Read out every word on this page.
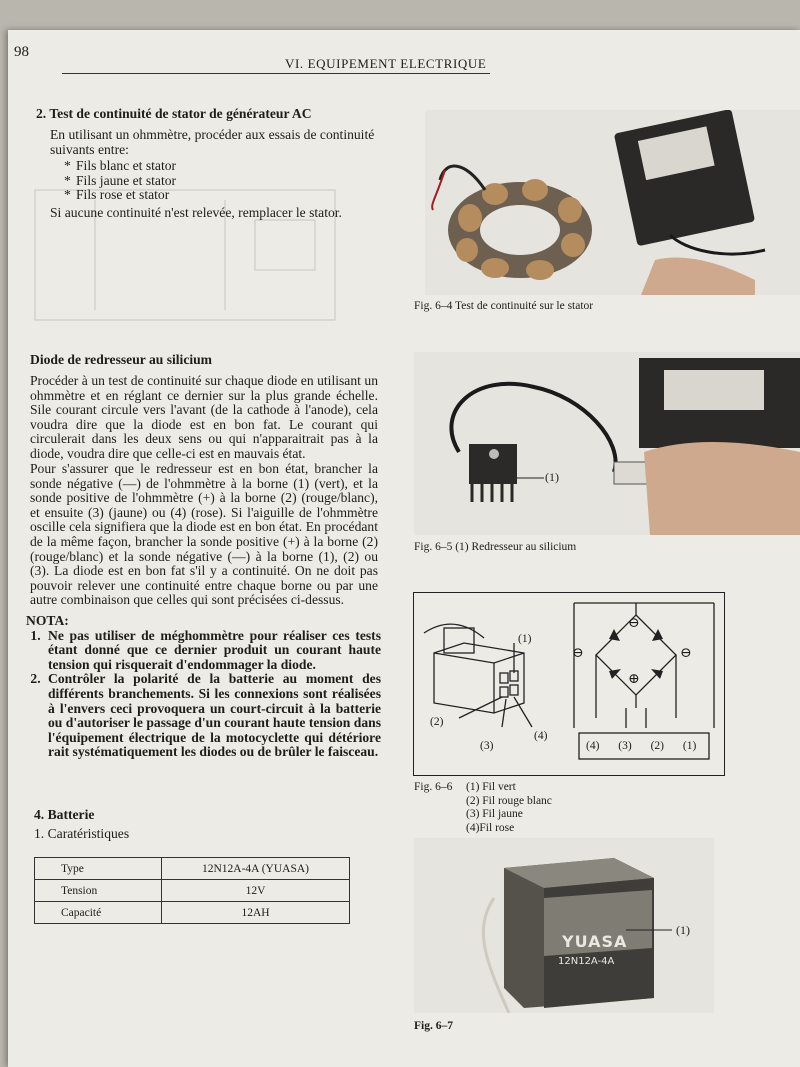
98
VI. EQUIPEMENT ELECTRIQUE
2. Test de continuité de stator de générateur AC
En utilisant un ohmmètre, procéder aux essais de continuité suivants entre:
* Fils blanc et stator
* Fils jaune et stator
* Fils rose et stator
Si aucune continuité n'est relevée, remplacer le stator.
Fig. 6–4 Test de continuité sur le stator
Diode de redresseur au silicium
Procéder à un test de continuité sur chaque diode en utilisant un ohmmètre et en réglant ce dernier sur la plus grande échelle. Sile courant circule vers l'avant (de la cathode à l'anode), cela voudra dire que la diode est en bon fat. Le courant qui circulerait dans les deux sens ou qui n'apparaitrait pas à la diode, voudra dire que celle-ci est en mauvais état.
Pour s'assurer que le redresseur est en bon état, brancher la sonde négative (—) de l'ohmmètre à la borne (1) (vert), et la sonde positive de l'ohmmètre (+) à la borne (2) (rouge/blanc), et ensuite (3) (jaune) ou (4) (rose). Si l'aiguille de l'ohmmètre oscille cela signifiera que la diode est en bon état. En procédant de la même façon, brancher la sonde positive (+) à la borne (2) (rouge/blanc) et la sonde négative (—) à la borne (1), (2) ou (3). La diode est en bon fat s'il y a continuité. On ne doit pas pouvoir relever une continuité entre chaque borne ou par une autre combinaison que celles qui sont précisées ci-dessus.
NOTA:
1. Ne pas utiliser de méghommètre pour réaliser ces tests étant donné que ce dernier produit un courant haute tension qui risquerait d'endommager la diode.
2. Contrôler la polarité de la batterie au moment des différents branchements. Si les connexions sont réalisées à l'envers ceci provoquera un court-circuit à la batterie ou d'autoriser le passage d'un courant haute tension dans l'équipement électrique de la motocyclette qui détériore rait systématiquement les diodes ou de brûler le faisceau.
(1)
Fig. 6–5 (1) Redresseur au silicium
(1)
(2)
(3)
(4)
⊖
⊖	⊖
⊕
(4) (3) (2) (1)
Fig. 6–6 (1) Fil vert
(2) Fil rouge blanc
(3) Fil jaune
(4)Fil rose
4. Batterie
1. Caratéristiques
Type	12N12A-4A (YUASA)
Tension	12V
Capacité	12AH
YUASA
12N12A-4A
(1)
Fig. 6–7
